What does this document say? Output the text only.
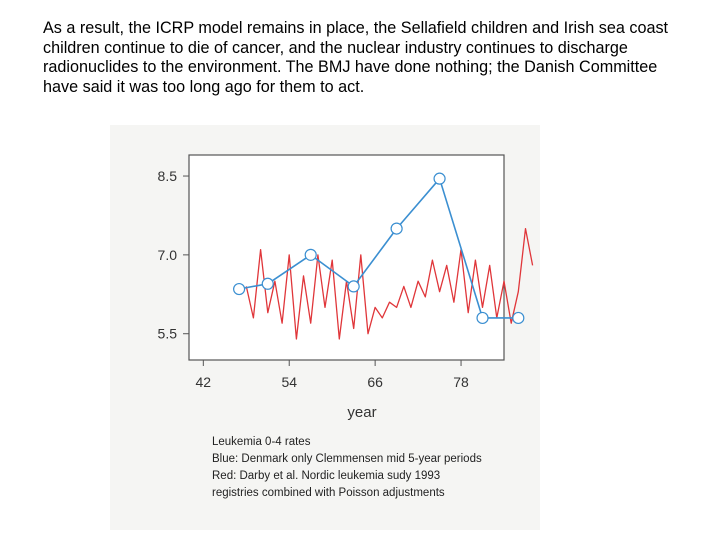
As a result, the ICRP model remains in place, the Sellafield children and Irish sea coast children continue to die of cancer, and the nuclear industry continues to discharge radionuclides to the environment. The BMJ have done nothing; the Danish Committee have said it was too long ago for them to act.

8.5
7.0
5.5
42	54	66	78
year
Leukemia 0-4 rates
Blue: Denmark only Clemmensen mid 5-year periods
Red: Darby et al. Nordic leukemia sudy 1993
registries combined with Poisson adjustments
